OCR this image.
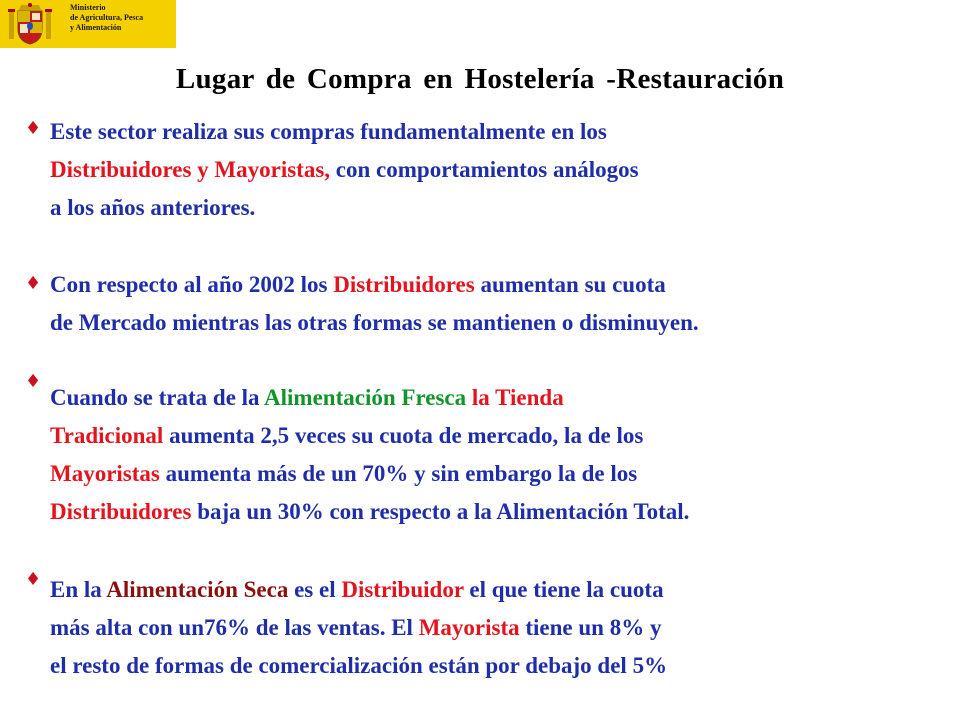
Ministerio
de Agricultura, Pesca
y Alimentación
Lugar de Compra en Hostelería -Restauración
♦ Este sector realiza sus compras fundamentalmente en los
Distribuidores y Mayoristas, con comportamientos análogos
a los años anteriores.
♦ Con respecto al año 2002 los Distribuidores aumentan su cuota
de Mercado mientras las otras formas se mantienen o disminuyen.
♦
Cuando se trata de la Alimentación Fresca la Tienda
Tradicional aumenta 2,5 veces su cuota de mercado, la de los
Mayoristas aumenta más de un 70% y sin embargo la de los
Distribuidores baja un 30% con respecto a la Alimentación Total.
♦ En la Alimentación Seca es el Distribuidor el que tiene la cuota
más alta con un76% de las ventas. El Mayorista tiene un 8% y
el resto de formas de comercialización están por debajo del 5%
